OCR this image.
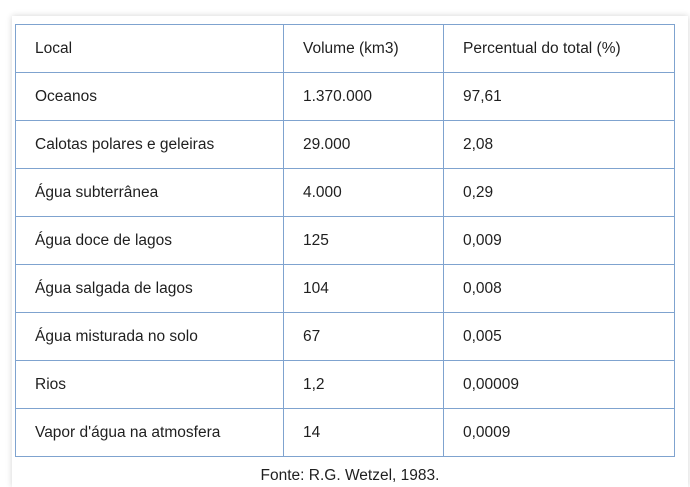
Local	Volume (km3)	Percentual do total (%)
Oceanos	1.370.000	97,61
Calotas polares e geleiras	29.000	2,08
Água subterrânea	4.000	0,29
Água doce de lagos	125	0,009
Água salgada de lagos	104	0,008
Água misturada no solo	67	0,005
Rios	1,2	0,00009
Vapor d'água na atmosfera	14	0,0009
Fonte: R.G. Wetzel, 1983.
